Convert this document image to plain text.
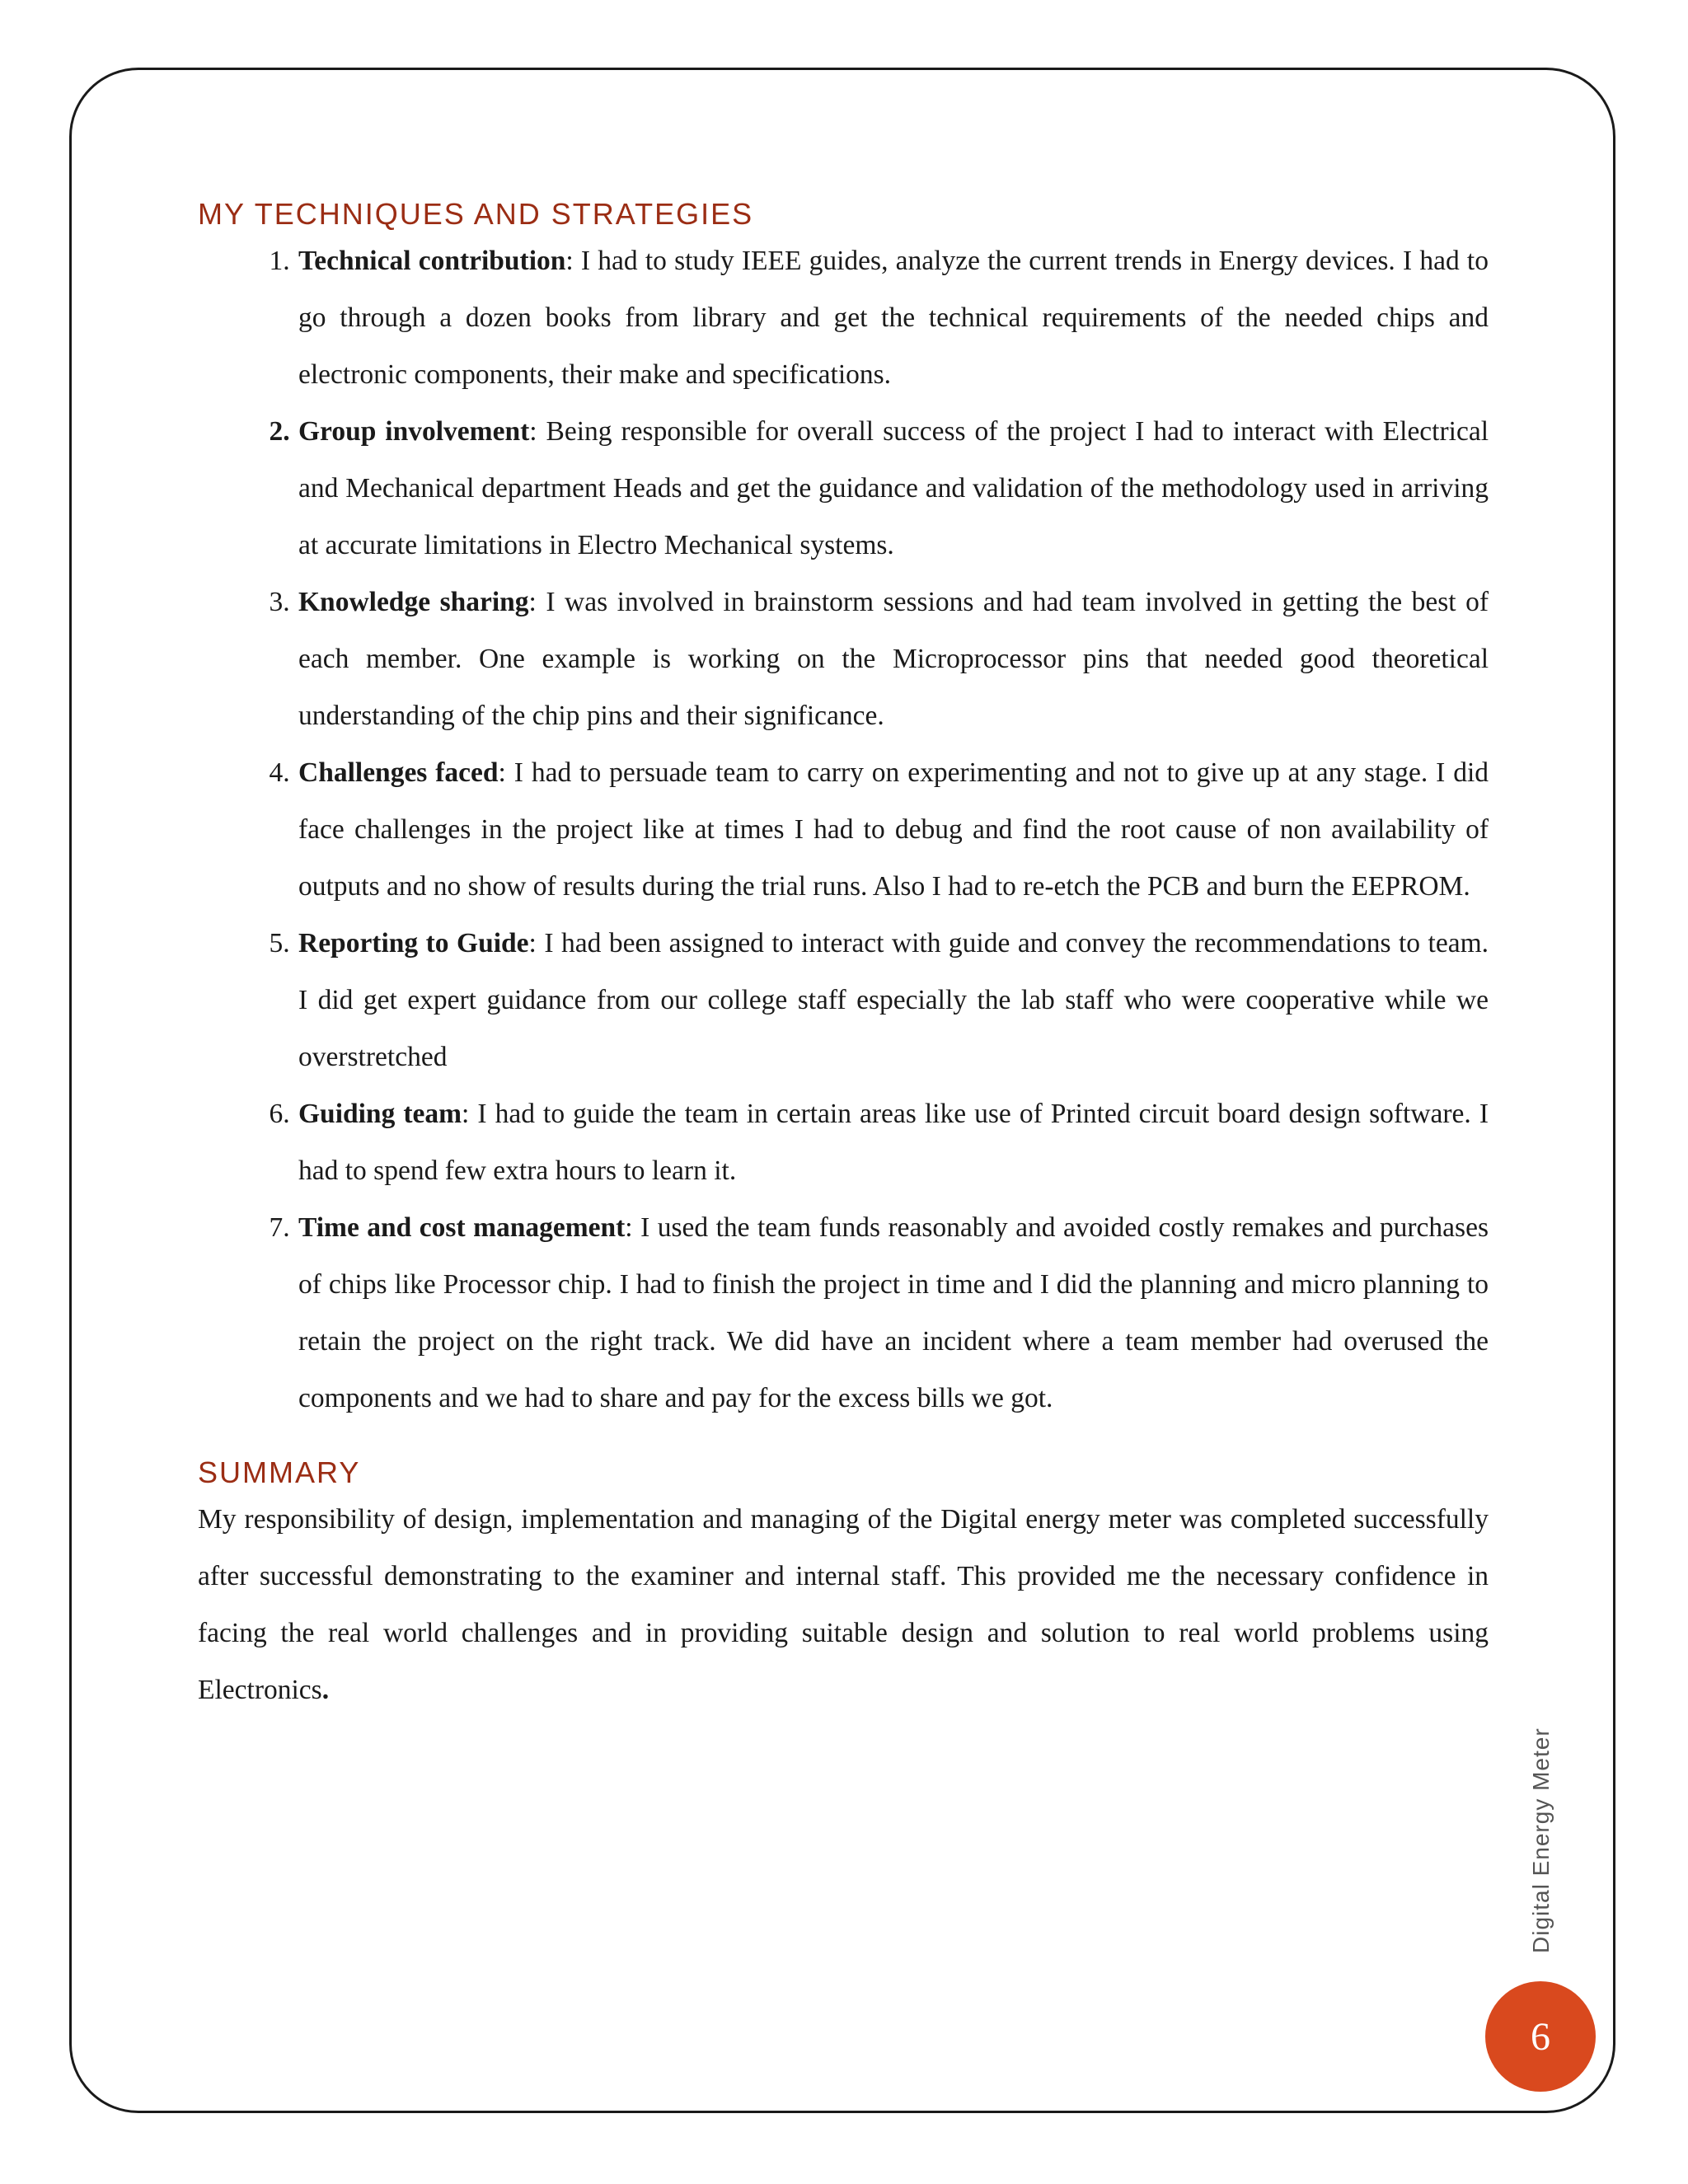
MY TECHNIQUES AND STRATEGIES
1. Technical contribution: I had to study IEEE guides, analyze the current trends in Energy devices. I had to go through a dozen books from library and get the technical requirements of the needed chips and electronic components, their make and specifications.
2. Group involvement: Being responsible for overall success of the project I had to interact with Electrical and Mechanical department Heads and get the guidance and validation of the methodology used in arriving at accurate limitations in Electro Mechanical systems.
3. Knowledge sharing: I was involved in brainstorm sessions and had team involved in getting the best of each member. One example is working on the Microprocessor pins that needed good theoretical understanding of the chip pins and their significance.
4. Challenges faced: I had to persuade team to carry on experimenting and not to give up at any stage. I did face challenges in the project like at times I had to debug and find the root cause of non availability of outputs and no show of results during the trial runs. Also I had to re-etch the PCB and burn the EEPROM.
5. Reporting to Guide: I had been assigned to interact with guide and convey the recommendations to team. I did get expert guidance from our college staff especially the lab staff who were cooperative while we overstretched
6. Guiding team: I had to guide the team in certain areas like use of Printed circuit board design software. I had to spend few extra hours to learn it.
7. Time and cost management: I used the team funds reasonably and avoided costly remakes and purchases of chips like Processor chip. I had to finish the project in time and I did the planning and micro planning to retain the project on the right track. We did have an incident where a team member had overused the components and we had to share and pay for the excess bills we got.
SUMMARY

My responsibility of design, implementation and managing of the Digital energy meter was completed successfully after successful demonstrating to the examiner and internal staff. This provided me the necessary confidence in facing the real world challenges and in providing suitable design and solution to real world problems using Electronics.

Digital Energy Meter
6
